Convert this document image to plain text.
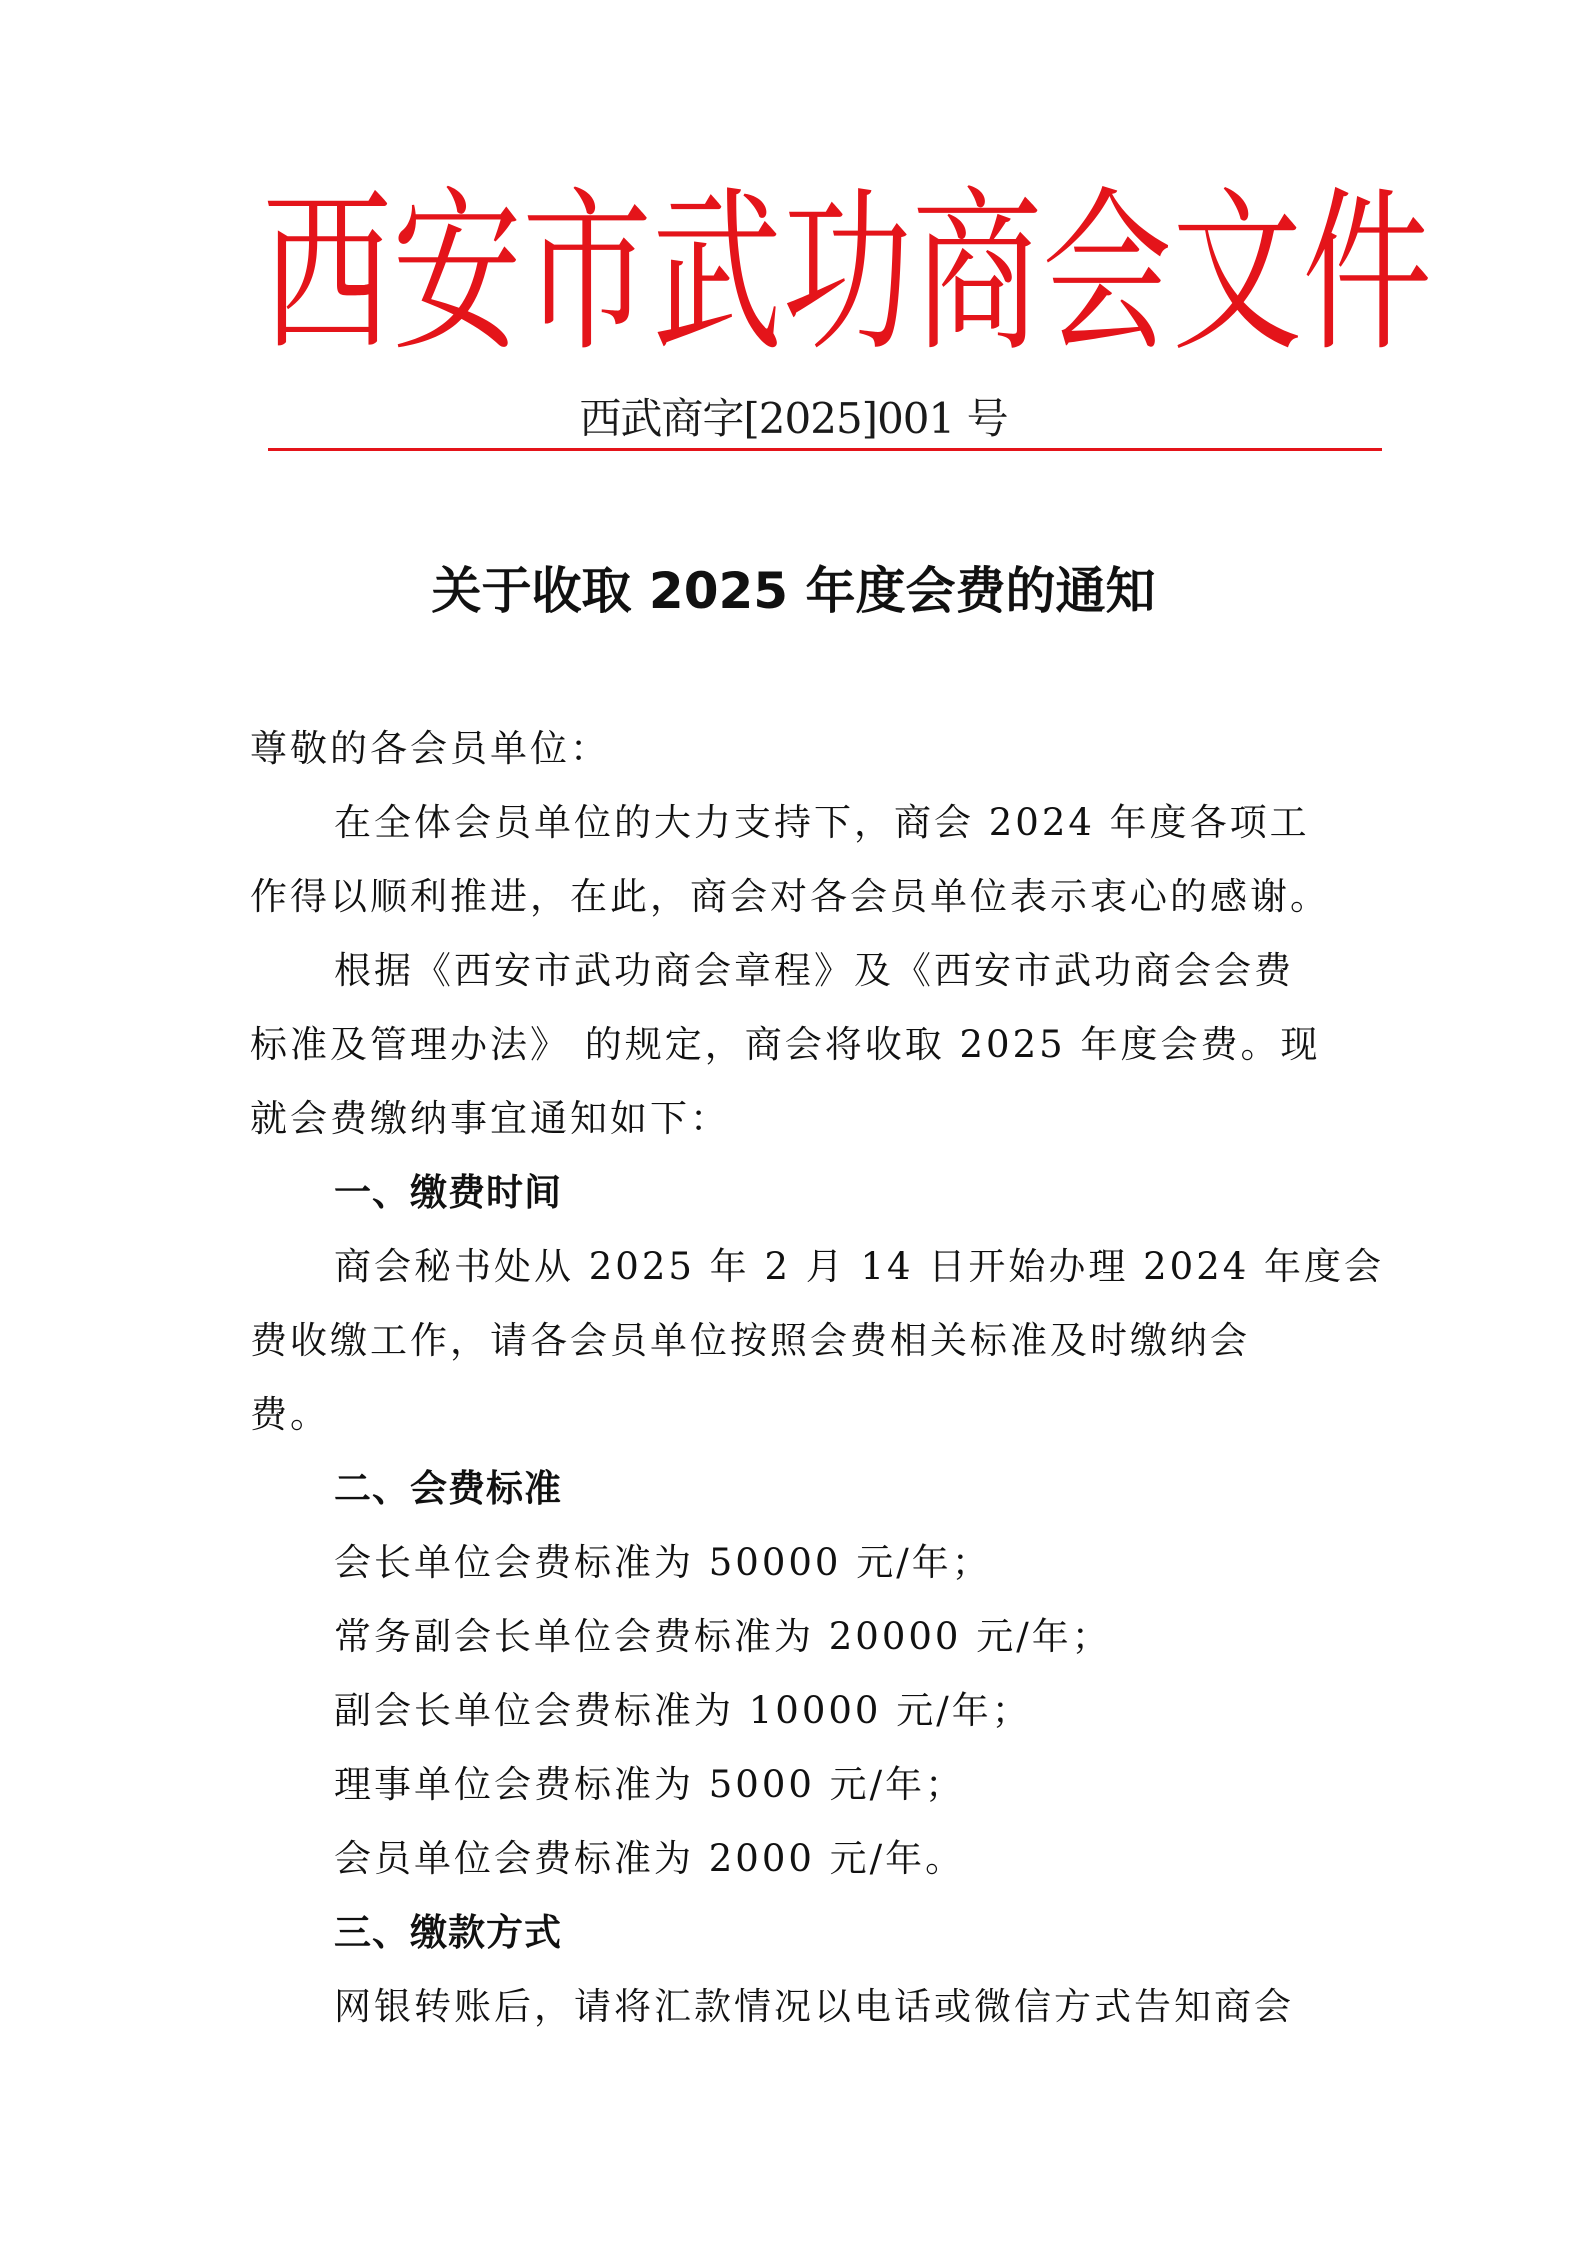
西 安 市 武 功 商 会 文 件
西武商字[2025]001 号
关于收取 2025 年度会费的通知
尊敬的各会员单位：
在全体会员单位的大力支持下，商会 2024 年度各项工
作得以顺利推进，在此，商会对各会员单位表示衷心的感谢。
根据《西安市武功商会章程》及《西安市武功商会会费
标准及管理办法》 的规定，商会将收取 2025 年度会费。现
就会费缴纳事宜通知如下：
一、缴费时间
商会秘书处从 2025 年 2 月 14 日开始办理 2024 年度会
费收缴工作，请各会员单位按照会费相关标准及时缴纳会
费。
二、会费标准
会长单位会费标准为 50000 元/年；
常务副会长单位会费标准为 20000 元/年；
副会长单位会费标准为 10000 元/年；
理事单位会费标准为 5000 元/年；
会员单位会费标准为 2000 元/年。
三、缴款方式
网银转账后，请将汇款情况以电话或微信方式告知商会
